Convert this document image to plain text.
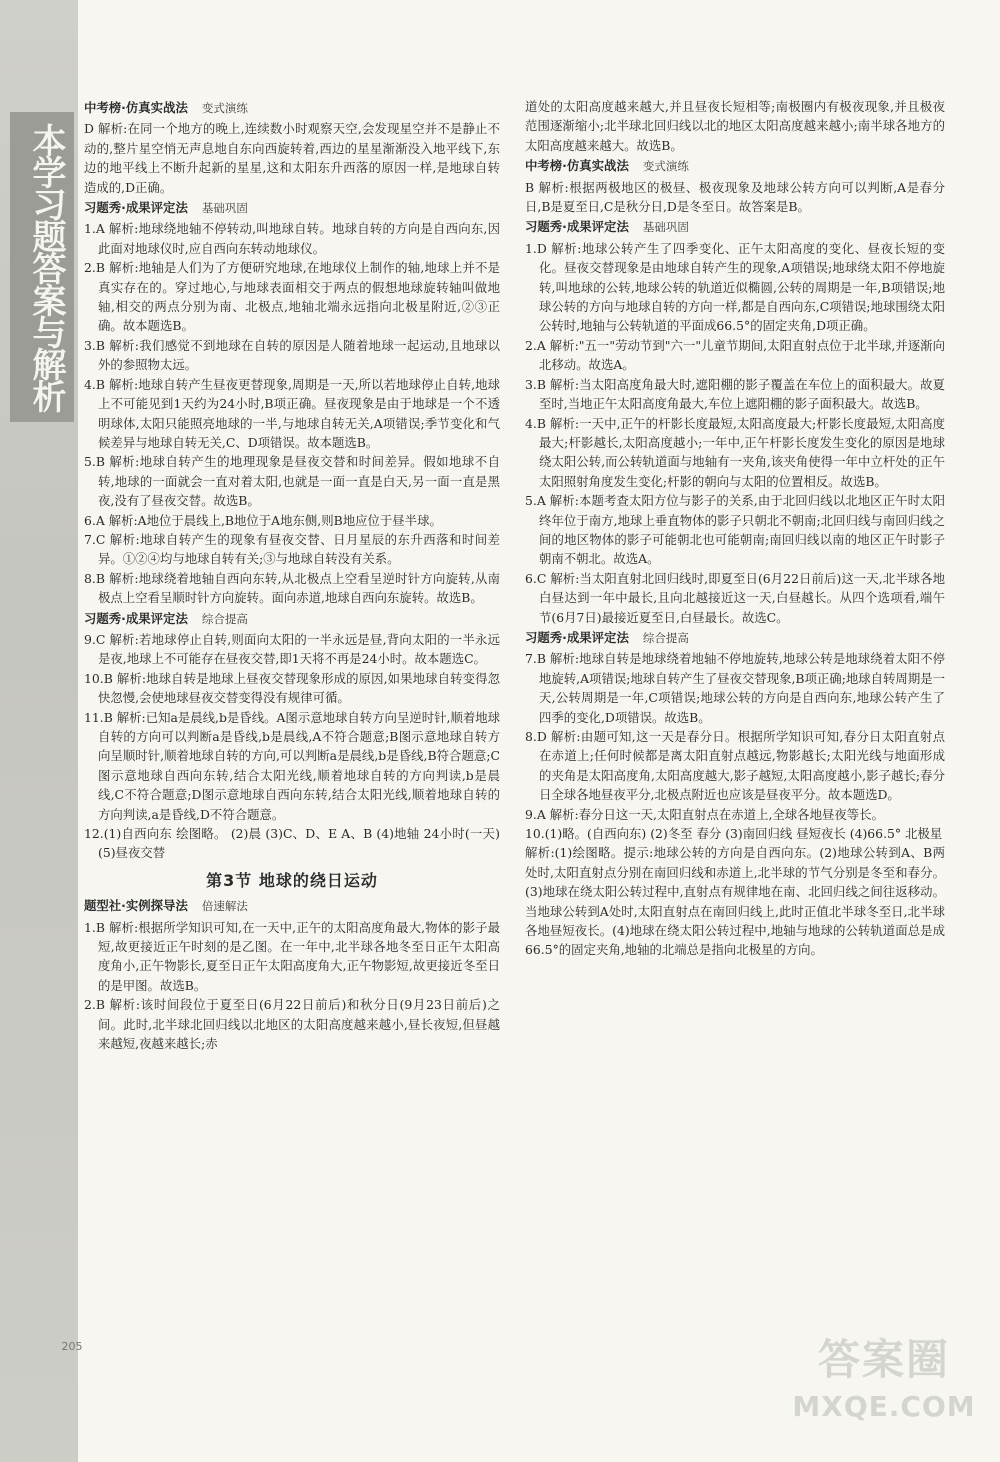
本学习题答案与解析
中考榜·仿真实战法 变式演练
D 解析:在同一个地方的晚上,连续数小时观察天空,会发现星空并不是静止不动的,整片星空悄无声息地自东向西旋转着,西边的星星渐渐没入地平线下,东边的地平线上不断升起新的星星,这和太阳东升西落的原因一样,是地球自转造成的,D正确。
习题秀·成果评定法 基础巩固
1.A 解析:地球绕地轴不停转动,叫地球自转。地球自转的方向是自西向东,因此面对地球仪时,应自西向东转动地球仪。
2.B 解析:地轴是人们为了方便研究地球,在地球仪上制作的轴,地球上并不是真实存在的。穿过地心,与地球表面相交于两点的假想地球旋转轴叫做地轴,相交的两点分别为南、北极点,地轴北端永远指向北极星附近,②③正确。故本题选B。
3.B 解析:我们感觉不到地球在自转的原因是人随着地球一起运动,且地球以外的参照物太远。
4.B 解析:地球自转产生昼夜更替现象,周期是一天,所以若地球停止自转,地球上不可能见到1天约为24小时,B项正确。昼夜现象是由于地球是一个不透明球体,太阳只能照亮地球的一半,与地球自转无关,A项错误;季节变化和气候差异与地球自转无关,C、D项错误。故本题选B。
5.B 解析:地球自转产生的地理现象是昼夜交替和时间差异。假如地球不自转,地球的一面就会一直对着太阳,也就是一面一直是白天,另一面一直是黑夜,没有了昼夜交替。故选B。
6.A 解析:A地位于晨线上,B地位于A地东侧,则B地应位于昼半球。
7.C 解析:地球自转产生的现象有昼夜交替、日月星辰的东升西落和时间差异。①②④均与地球自转有关;③与地球自转没有关系。
8.B 解析:地球绕着地轴自西向东转,从北极点上空看呈逆时针方向旋转,从南极点上空看呈顺时针方向旋转。面向赤道,地球自西向东旋转。故选B。
习题秀·成果评定法 综合提高
9.C 解析:若地球停止自转,则面向太阳的一半永远是昼,背向太阳的一半永远是夜,地球上不可能存在昼夜交替,即1天将不再是24小时。故本题选C。
10.B 解析:地球自转是地球上昼夜交替现象形成的原因,如果地球自转变得忽快忽慢,会使地球昼夜交替变得没有规律可循。
11.B 解析:已知a是晨线,b是昏线。A图示意地球自转方向呈逆时针,顺着地球自转的方向可以判断a是昏线,b是晨线,A不符合题意;B图示意地球自转方向呈顺时针,顺着地球自转的方向,可以判断a是晨线,b是昏线,B符合题意;C图示意地球自西向东转,结合太阳光线,顺着地球自转的方向判读,b是晨线,C不符合题意;D图示意地球自西向东转,结合太阳光线,顺着地球自转的方向判读,a是昏线,D不符合题意。
12.(1)自西向东 绘图略。 (2)晨 (3)C、D、E A、B (4)地轴 24小时(一天) (5)昼夜交替
第3节 地球的绕日运动
题型社·实例探导法 倍速解法
1.B 解析:根据所学知识可知,在一天中,正午的太阳高度角最大,物体的影子最短,故更接近正午时刻的是乙图。在一年中,北半球各地冬至日正午太阳高度角小,正午物影长,夏至日正午太阳高度角大,正午物影短,故更接近冬至日的是甲图。故选B。
2.B 解析:该时间段位于夏至日(6月22日前后)和秋分日(9月23日前后)之间。此时,北半球北回归线以北地区的太阳高度越来越小,昼长夜短,但昼越来越短,夜越来越长;赤
道处的太阳高度越来越大,并且昼夜长短相等;南极圈内有极夜现象,并且极夜范围逐渐缩小;北半球北回归线以北的地区太阳高度越来越小;南半球各地方的太阳高度越来越大。故选B。
中考榜·仿真实战法 变式演练
B 解析:根据两极地区的极昼、极夜现象及地球公转方向可以判断,A是春分日,B是夏至日,C是秋分日,D是冬至日。故答案是B。
习题秀·成果评定法 基础巩固
1.D 解析:地球公转产生了四季变化、正午太阳高度的变化、昼夜长短的变化。昼夜交替现象是由地球自转产生的现象,A项错误;地球绕太阳不停地旋转,叫地球的公转,地球公转的轨道近似椭圆,公转的周期是一年,B项错误;地球公转的方向与地球自转的方向一样,都是自西向东,C项错误;地球围绕太阳公转时,地轴与公转轨道的平面成66.5°的固定夹角,D项正确。
2.A 解析:"五一"劳动节到"六一"儿童节期间,太阳直射点位于北半球,并逐渐向北移动。故选A。
3.B 解析:当太阳高度角最大时,遮阳棚的影子覆盖在车位上的面积最大。故夏至时,当地正午太阳高度角最大,车位上遮阳棚的影子面积最大。故选B。
4.B 解析:一天中,正午的杆影长度最短,太阳高度最大;杆影长度最短,太阳高度最大;杆影越长,太阳高度越小;一年中,正午杆影长度发生变化的原因是地球绕太阳公转,而公转轨道面与地轴有一夹角,该夹角使得一年中立杆处的正午太阳照射角度发生变化;杆影的朝向与太阳的位置相反。故选B。
5.A 解析:本题考查太阳方位与影子的关系,由于北回归线以北地区正午时太阳终年位于南方,地球上垂直物体的影子只朝北不朝南;北回归线与南回归线之间的地区物体的影子可能朝北也可能朝南;南回归线以南的地区正午时影子朝南不朝北。故选A。
6.C 解析:当太阳直射北回归线时,即夏至日(6月22日前后)这一天,北半球各地白昼达到一年中最长,且向北越接近这一天,白昼越长。从四个选项看,端午节(6月7日)最接近夏至日,白昼最长。故选C。
习题秀·成果评定法 综合提高
7.B 解析:地球自转是地球绕着地轴不停地旋转,地球公转是地球绕着太阳不停地旋转,A项错误;地球自转产生了昼夜交替现象,B项正确;地球自转周期是一天,公转周期是一年,C项错误;地球公转的方向是自西向东,地球公转产生了四季的变化,D项错误。故选B。
8.D 解析:由题可知,这一天是春分日。根据所学知识可知,春分日太阳直射点在赤道上;任何时候都是离太阳直射点越远,物影越长;太阳光线与地面形成的夹角是太阳高度角,太阳高度越大,影子越短,太阳高度越小,影子越长;春分日全球各地昼夜平分,北极点附近也应该是昼夜平分。故本题选D。
9.A 解析:春分日这一天,太阳直射点在赤道上,全球各地昼夜等长。
10.(1)略。(自西向东) (2)冬至 春分 (3)南回归线 昼短夜长 (4)66.5° 北极星
解析:(1)绘图略。提示:地球公转的方向是自西向东。(2)地球公转到A、B两处时,太阳直射点分别在南回归线和赤道上,北半球的节气分别是冬至和春分。(3)地球在绕太阳公转过程中,直射点有规律地在南、北回归线之间往返移动。当地球公转到A处时,太阳直射点在南回归线上,此时正值北半球冬至日,北半球各地昼短夜长。(4)地球在绕太阳公转过程中,地轴与地球的公转轨道面总是成66.5°的固定夹角,地轴的北端总是指向北极星的方向。
205	答案圈
MXQE.COM
